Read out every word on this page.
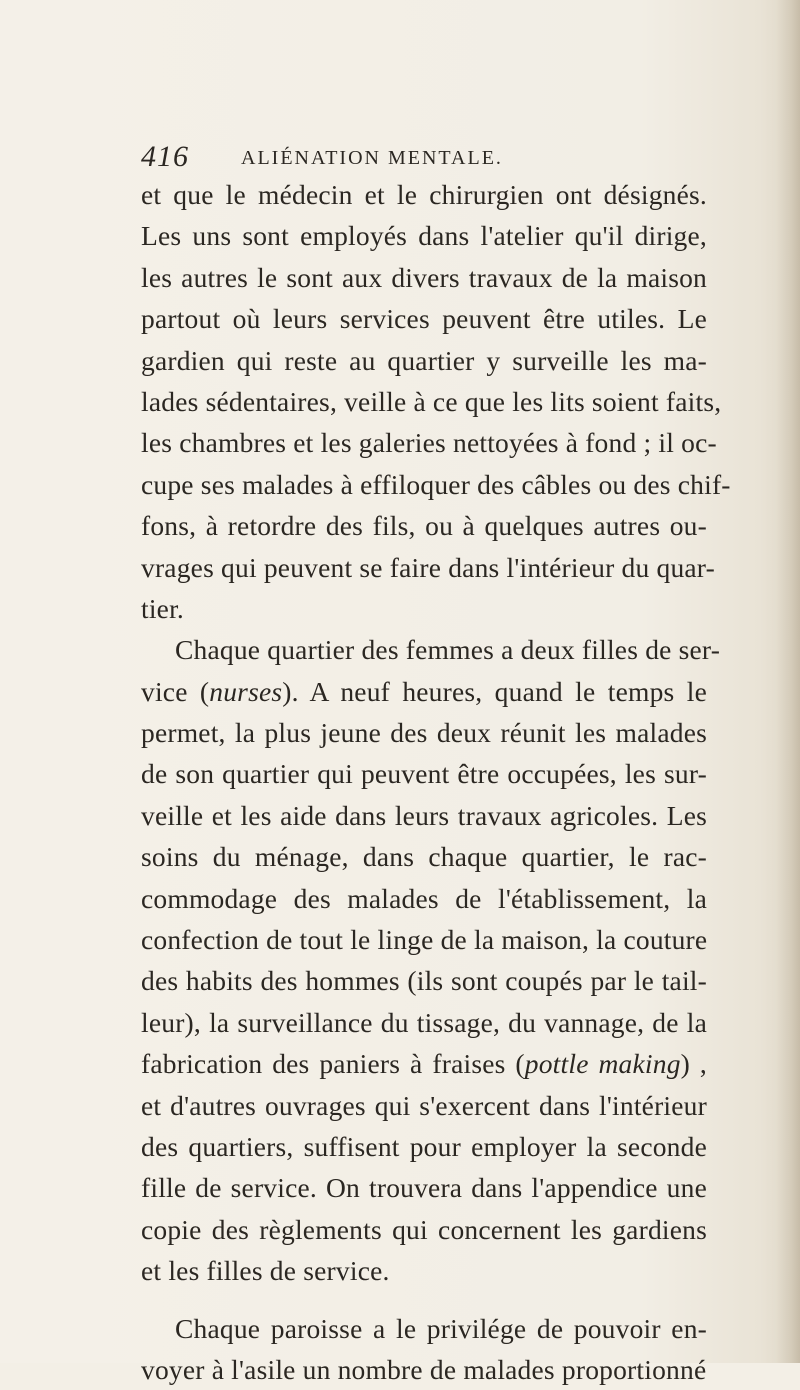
416	ALIÉNATION MENTALE.
et que le médecin et le chirurgien ont désignés.
Les uns sont employés dans l'atelier qu'il dirige,
les autres le sont aux divers travaux de la maison
partout où leurs services peuvent être utiles. Le
gardien qui reste au quartier y surveille les ma-
lades sédentaires, veille à ce que les lits soient faits,
les chambres et les galeries nettoyées à fond ; il oc-
cupe ses malades à effiloquer des câbles ou des chif-
fons, à retordre des fils, ou à quelques autres ou-
vrages qui peuvent se faire dans l'intérieur du quar-
tier.
Chaque quartier des femmes a deux filles de ser-
vice (nurses). A neuf heures, quand le temps le
permet, la plus jeune des deux réunit les malades
de son quartier qui peuvent être occupées, les sur-
veille et les aide dans leurs travaux agricoles. Les
soins du ménage, dans chaque quartier, le rac-
commodage des malades de l'établissement, la
confection de tout le linge de la maison, la couture
des habits des hommes (ils sont coupés par le tail-
leur), la surveillance du tissage, du vannage, de la
fabrication des paniers à fraises (pottle making) ,
et d'autres ouvrages qui s'exercent dans l'intérieur
des quartiers, suffisent pour employer la seconde
fille de service. On trouvera dans l'appendice une
copie des règlements qui concernent les gardiens
et les filles de service.
Chaque paroisse a le privilége de pouvoir en-
voyer à l'asile un nombre de malades proportionné
